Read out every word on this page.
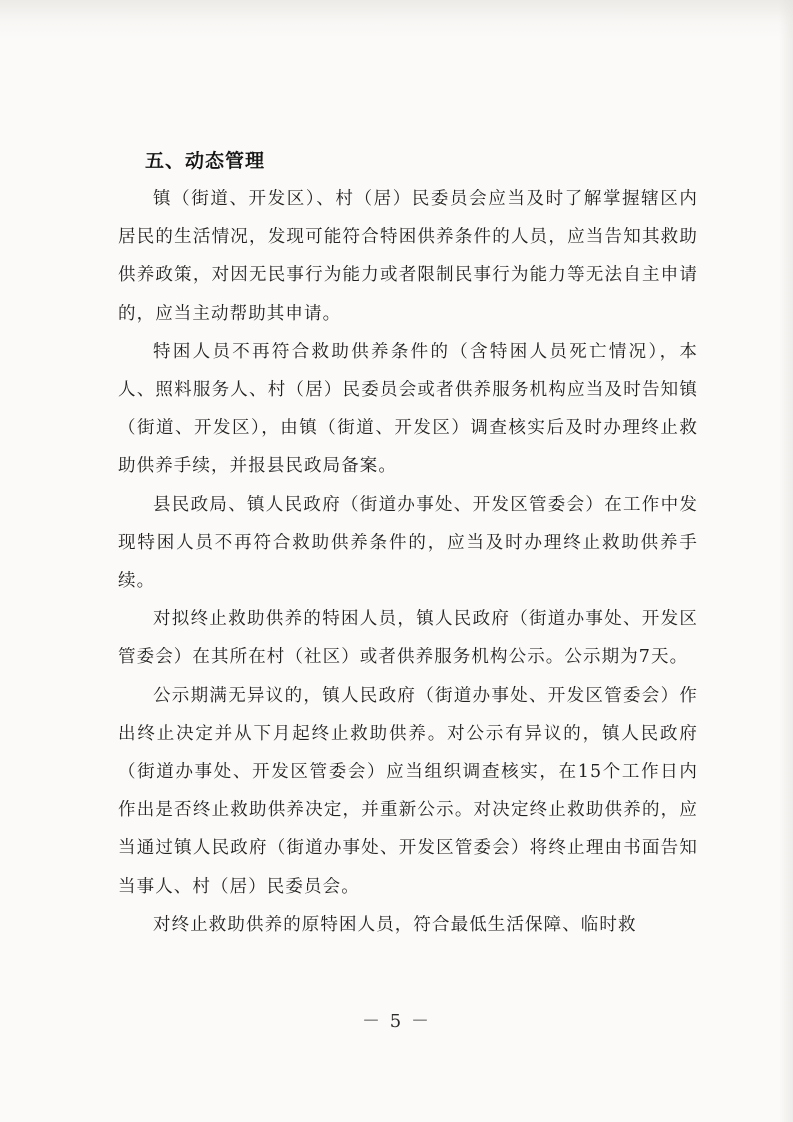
五、动态管理

镇（街道、开发区）、村（居）民委员会应当及时了解掌握辖区内居民的生活情况，发现可能符合特困供养条件的人员，应当告知其救助供养政策，对因无民事行为能力或者限制民事行为能力等无法自主申请的，应当主动帮助其申请。

特困人员不再符合救助供养条件的（含特困人员死亡情况），本人、照料服务人、村（居）民委员会或者供养服务机构应当及时告知镇（街道、开发区），由镇（街道、开发区）调查核实后及时办理终止救助供养手续，并报县民政局备案。

县民政局、镇人民政府（街道办事处、开发区管委会）在工作中发现特困人员不再符合救助供养条件的，应当及时办理终止救助供养手续。

对拟终止救助供养的特困人员，镇人民政府（街道办事处、开发区管委会）在其所在村（社区）或者供养服务机构公示。公示期为7天。

公示期满无异议的，镇人民政府（街道办事处、开发区管委会）作出终止决定并从下月起终止救助供养。对公示有异议的，镇人民政府（街道办事处、开发区管委会）应当组织调查核实，在15个工作日内作出是否终止救助供养决定，并重新公示。对决定终止救助供养的，应当通过镇人民政府（街道办事处、开发区管委会）将终止理由书面告知当事人、村（居）民委员会。

对终止救助供养的原特困人员，符合最低生活保障、临时救

－ 5 －
